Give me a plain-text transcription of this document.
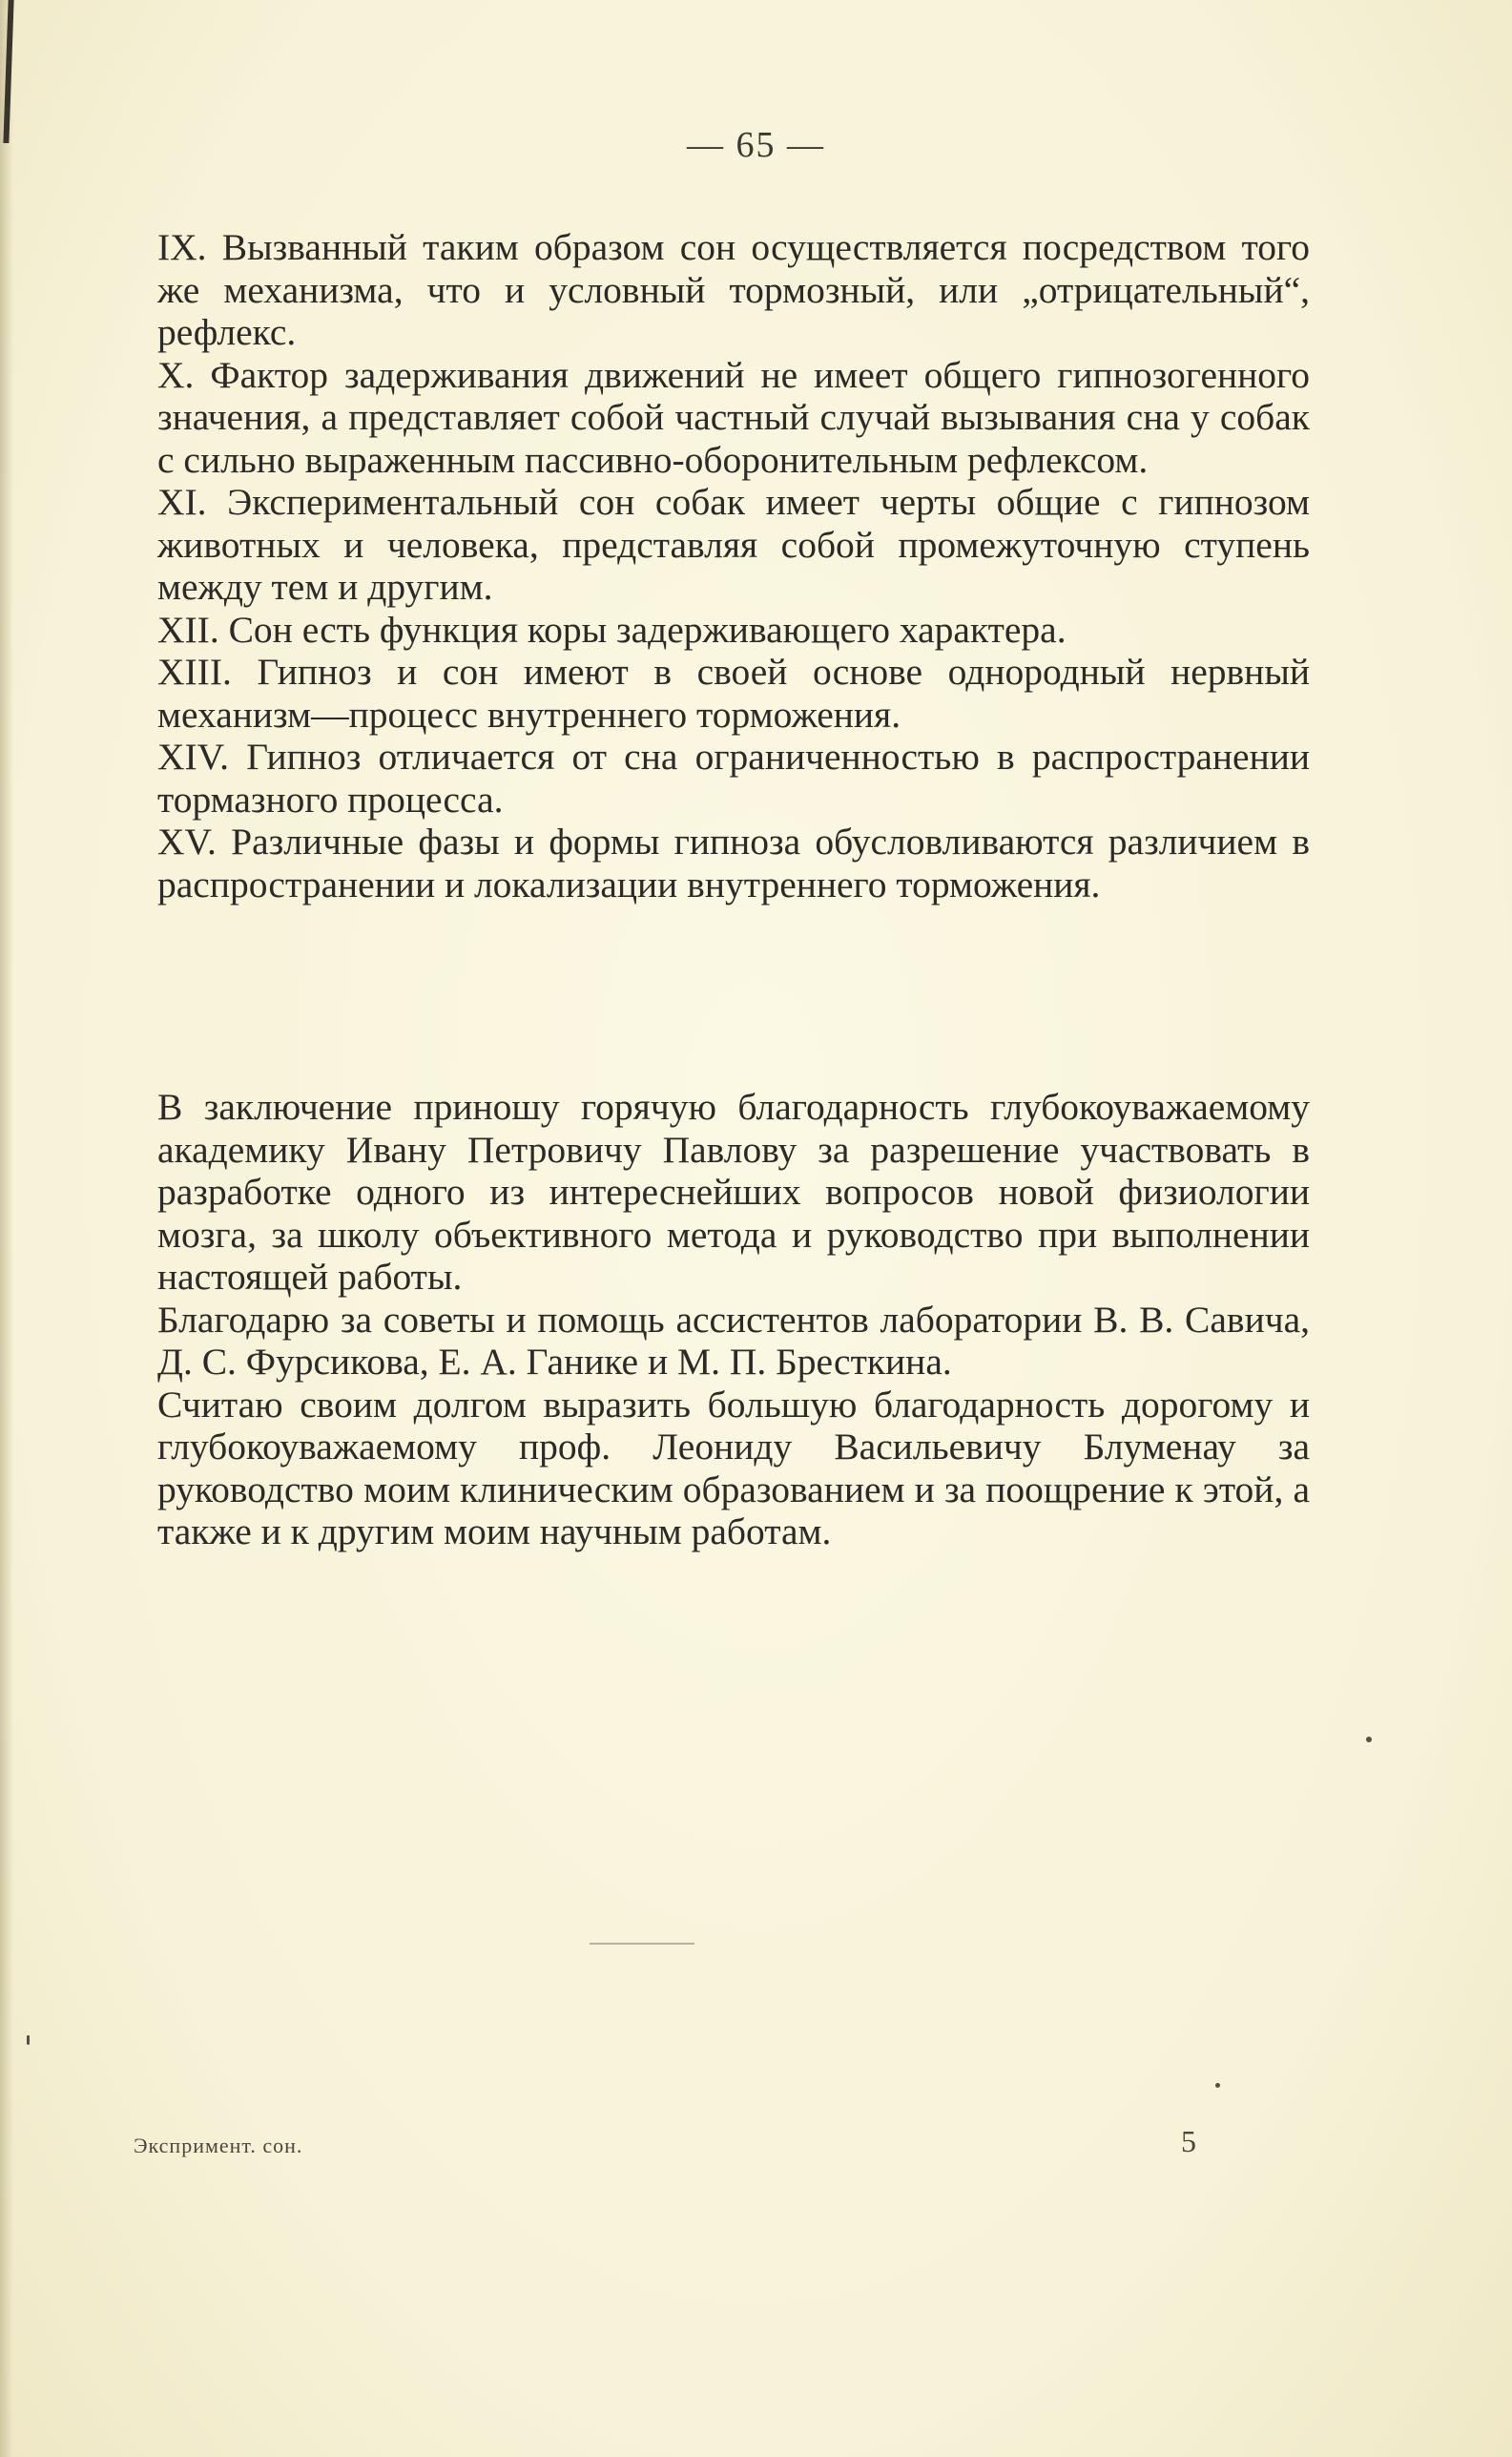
— 65 —

IX. Вызванный таким образом сон осуществляется посредством того же механизма, что и условный тормозный, или „отрицательный“, рефлекс.

X. Фактор задерживания движений не имеет общего гипнозогенного значения, а представляет собой частный случай вызывания сна у собак с сильно выраженным пассивно-оборонительным рефлексом.

XI. Экспериментальный сон собак имеет черты общие с гипнозом животных и человека, представляя собой промежуточную ступень между тем и другим.

XII. Сон есть функция коры задерживающего характера.

XIII. Гипноз и сон имеют в своей основе однородный нервный механизм—процесс внутреннего торможения.

XIV. Гипноз отличается от сна ограниченностью в распространении тормазного процесса.

XV. Различные фазы и формы гипноза обусловливаются различием в распространении и локализации внутреннего торможения.

В заключение приношу горячую благодарность глубокоуважаемому академику Ивану Петровичу Павлову за разрешение участвовать в разработке одного из интереснейших вопросов новой физиологии мозга, за школу объективного метода и руководство при выполнении настоящей работы.

Благодарю за советы и помощь ассистентов лаборатории В. В. Савича, Д. С. Фурсикова, Е. А. Ганике и М. П. Бресткина.

Считаю своим долгом выразить большую благодарность дорогому и глубокоуважаемому проф. Леониду Васильевичу Блуменау за руководство моим клиническим образованием и за поощрение к этой, а также и к другим моим научным работам.

Экспримент. сон.	5
